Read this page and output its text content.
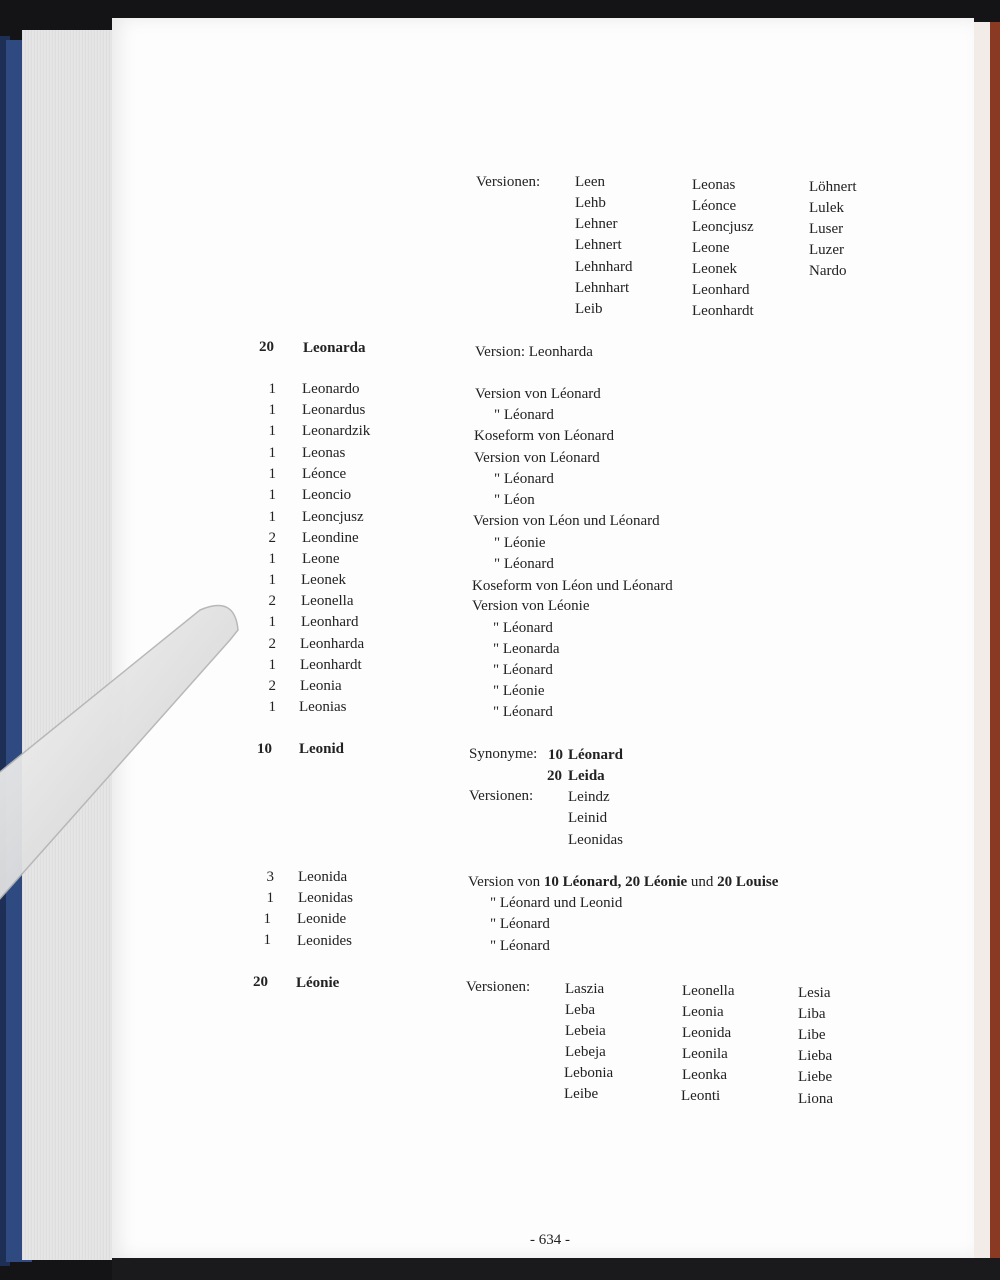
Versionen: Leen	Leonas	Löhnert
Lehb	Léonce	Lulek
Lehner	Leoncjusz	Luser
Lehnert	Leone	Luzer
Lehnhard	Leonek	Nardo
Lehnhart	Leonhard
Leib	Leonhardt
20 Leonarda	Version: Leonharda
1 Leonardo	Version von Léonard
1 Leonardus	" Léonard
1 Leonardzik	Koseform von Léonard
1 Leonas	Version von Léonard
1 Léonce	" Léonard
1 Leoncio	" Léon
1 Leoncjusz	Version von Léon und Léonard
2 Leondine	" Léonie
1 Leone	" Léonard
1 Leonek	Koseform von Léon und Léonard
2 Leonella	Version von Léonie
1 Leonhard	" Léonard
2 Leonharda	" Leonarda
1 Leonhardt	" Léonard
2 Leonia	" Léonie
1 Leonias	" Léonard
10 Leonid	Synonyme: 10 Léonard
20 Leida
Versionen: Leindz
Leinid
Leonidas
3 Leonida	Version von 10 Léonard, 20 Léonie und 20 Louise
1 Leonidas	" Léonard und Leonid
1 Leonide	" Léonard
1 Leonides	" Léonard
20 Léonie	Versionen: Laszia	Leonella	Lesia
Leba	Leonia	Liba
Lebeia	Leonida	Libe
Lebeja	Leonila	Lieba
Lebonia	Leonka	Liebe
Leibe	Leonti	Liona
- 634 -
